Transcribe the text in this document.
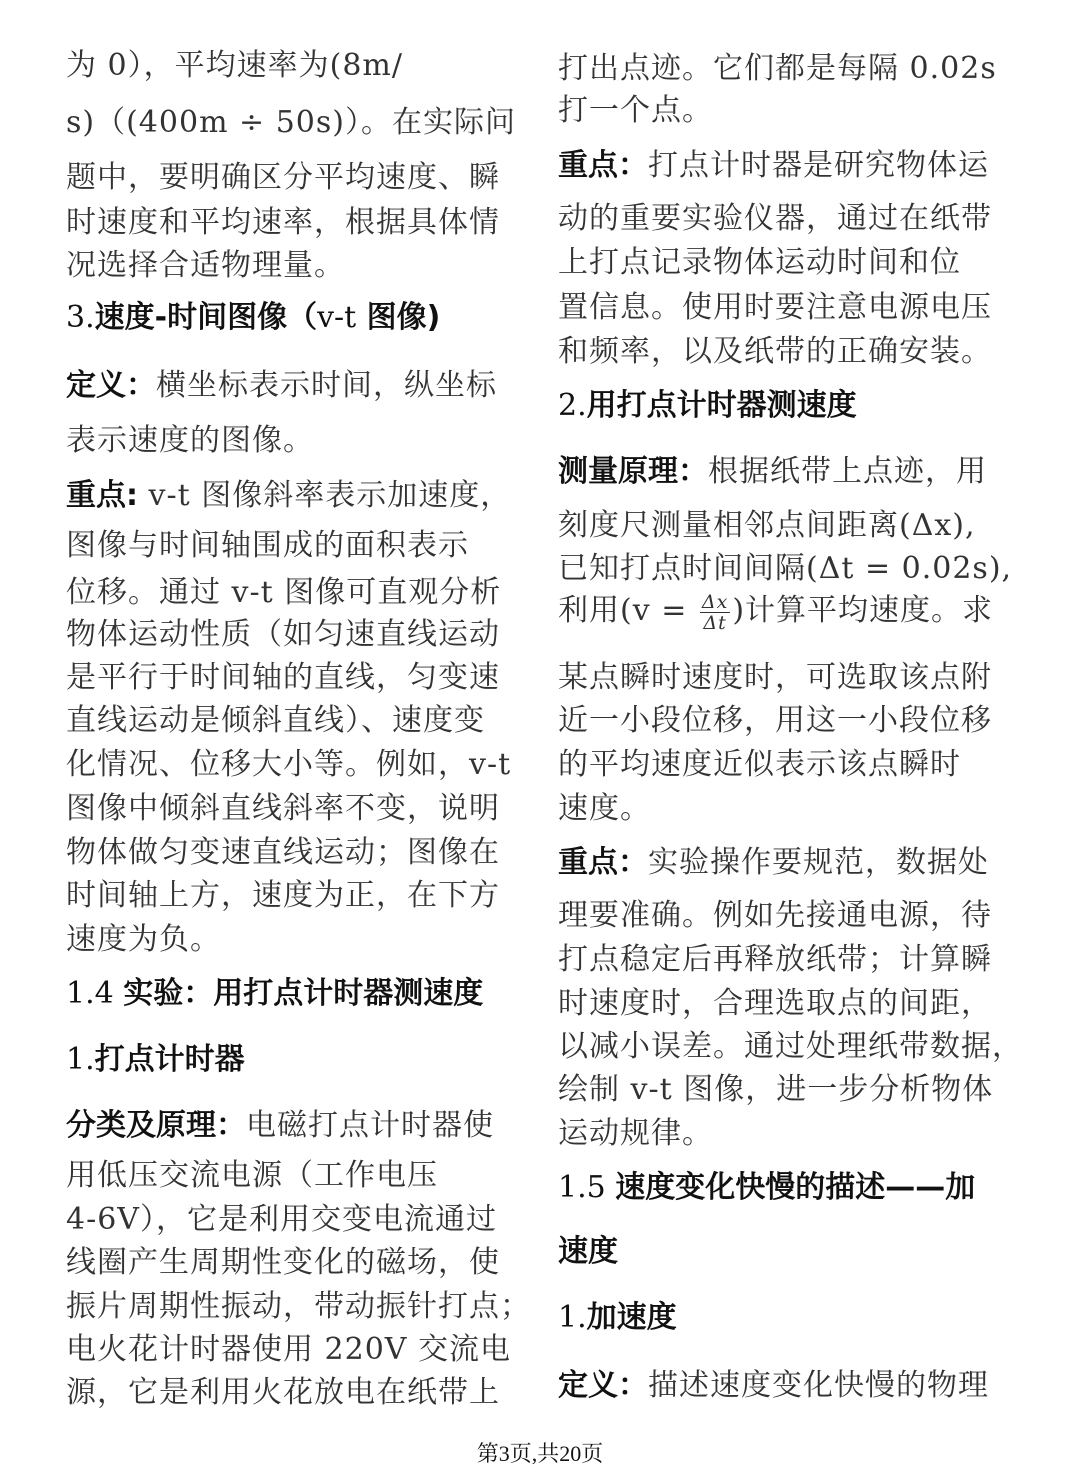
为 0），平均速率为(8m/
s)（(400m ÷ 50s)）。在实际问
题中，要明确区分平均速度、瞬
时速度和平均速率，根据具体情
况选择合适物理量。
3.速度-时间图像（v-t 图像)
定义：横坐标表示时间，纵坐标
表示速度的图像。
重点: v-t 图像斜率表示加速度，
图像与时间轴围成的面积表示
位移。通过 v-t 图像可直观分析
物体运动性质（如匀速直线运动
是平行于时间轴的直线，匀变速
直线运动是倾斜直线）、速度变
化情况、位移大小等。例如，v-t
图像中倾斜直线斜率不变，说明
物体做匀变速直线运动；图像在
时间轴上方，速度为正，在下方
速度为负。
1.4 实验：用打点计时器测速度
1.打点计时器
分类及原理：电磁打点计时器使
用低压交流电源（工作电压
4-6V），它是利用交变电流通过
线圈产生周期性变化的磁场，使
振片周期性振动，带动振针打点；
电火花计时器使用 220V 交流电
源，它是利用火花放电在纸带上
打出点迹。它们都是每隔 0.02s
打一个点。
重点：打点计时器是研究物体运
动的重要实验仪器，通过在纸带
上打点记录物体运动时间和位
置信息。使用时要注意电源电压
和频率，以及纸带的正确安装。
2.用打点计时器测速度
测量原理：根据纸带上点迹，用
刻度尺测量相邻点间距离(Δx),
已知打点时间间隔(Δt = 0.02s),
利用($v = \frac{\Delta x}{\Delta t}$ )计算平均速度。求
某点瞬时速度时，可选取该点附
近一小段位移，用这一小段位移
的平均速度近似表示该点瞬时
速度。
重点：实验操作要规范，数据处
理要准确。例如先接通电源，待
打点稳定后再释放纸带；计算瞬
时速度时，合理选取点的间距，
以减小误差。通过处理纸带数据，
绘制 v-t 图像，进一步分析物体
运动规律。
1.5 速度变化快慢的描述——加
速度
1.加速度
定义：描述速度变化快慢的物理
第3页,共20页
